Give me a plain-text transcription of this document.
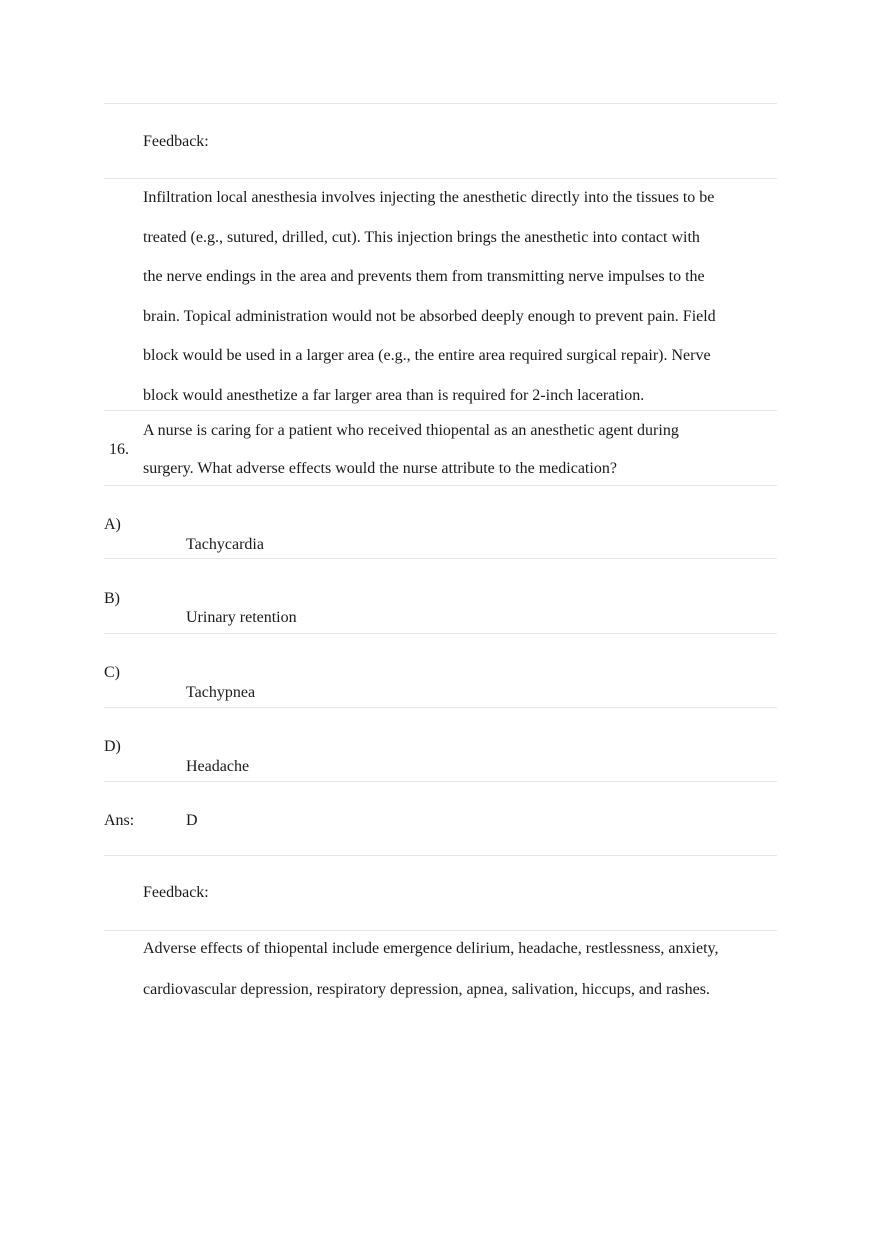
Feedback:
Infiltration local anesthesia involves injecting the anesthetic directly into the tissues to be
treated (e.g., sutured, drilled, cut). This injection brings the anesthetic into contact with
the nerve endings in the area and prevents them from transmitting nerve impulses to the
brain. Topical administration would not be absorbed deeply enough to prevent pain. Field
block would be used in a larger area (e.g., the entire area required surgical repair). Nerve
block would anesthetize a far larger area than is required for 2-inch laceration.
16.
A nurse is caring for a patient who received thiopental as an anesthetic agent during
surgery. What adverse effects would the nurse attribute to the medication?
A)
Tachycardia
B)
Urinary retention
C)
Tachypnea
D)
Headache
Ans:	D
Feedback:
Adverse effects of thiopental include emergence delirium, headache, restlessness, anxiety,
cardiovascular depression, respiratory depression, apnea, salivation, hiccups, and rashes.
